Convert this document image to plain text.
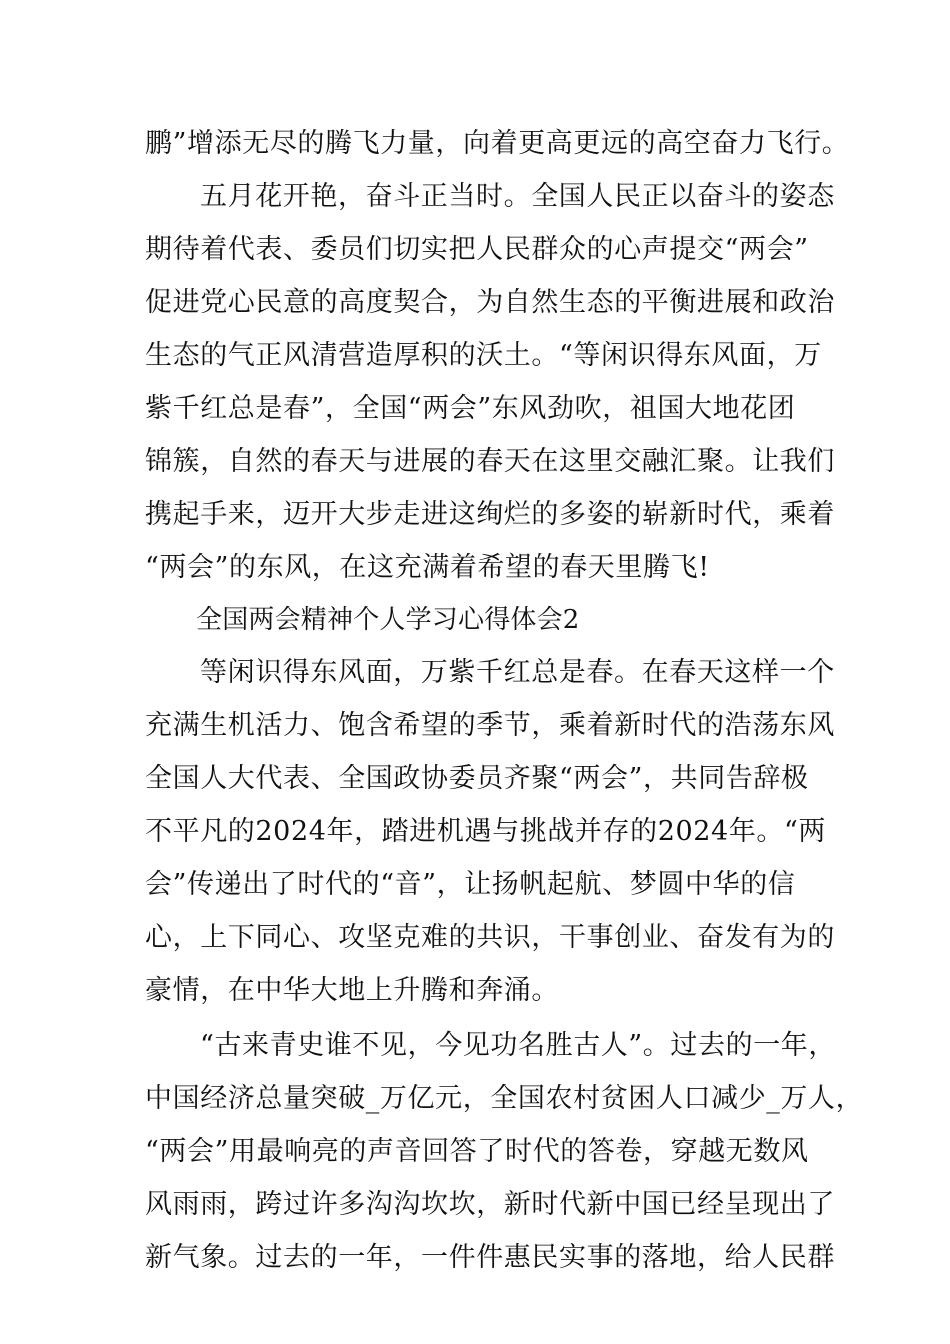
鹏”增添无尽的腾飞力量，向着更高更远的高空奋力飞行。
五月花开艳，奋斗正当时。全国人民正以奋斗的姿态
期待着代表、委员们切实把人民群众的心声提交“两会”
促进党心民意的高度契合，为自然生态的平衡进展和政治
生态的气正风清营造厚积的沃土。“等闲识得东风面，万
紫千红总是春”，全国“两会”东风劲吹，祖国大地花团
锦簇，自然的春天与进展的春天在这里交融汇聚。让我们
携起手来，迈开大步走进这绚烂的多姿的崭新时代，乘着
“两会”的东风，在这充满着希望的春天里腾飞!
全国两会精神个人学习心得体会2
等闲识得东风面，万紫千红总是春。在春天这样一个
充满生机活力、饱含希望的季节，乘着新时代的浩荡东风
全国人大代表、全国政协委员齐聚“两会”，共同告辞极
不平凡的2024年，踏进机遇与挑战并存的2024年。“两
会”传递出了时代的“音”，让扬帆起航、梦圆中华的信
心，上下同心、攻坚克难的共识，干事创业、奋发有为的
豪情，在中华大地上升腾和奔涌。
“古来青史谁不见，今见功名胜古人”。过去的一年，
中国经济总量突破_万亿元，全国农村贫困人口减少_万人，
“两会”用最响亮的声音回答了时代的答卷，穿越无数风
风雨雨，跨过许多沟沟坎坎，新时代新中国已经呈现出了
新气象。过去的一年，一件件惠民实事的落地，给人民群
